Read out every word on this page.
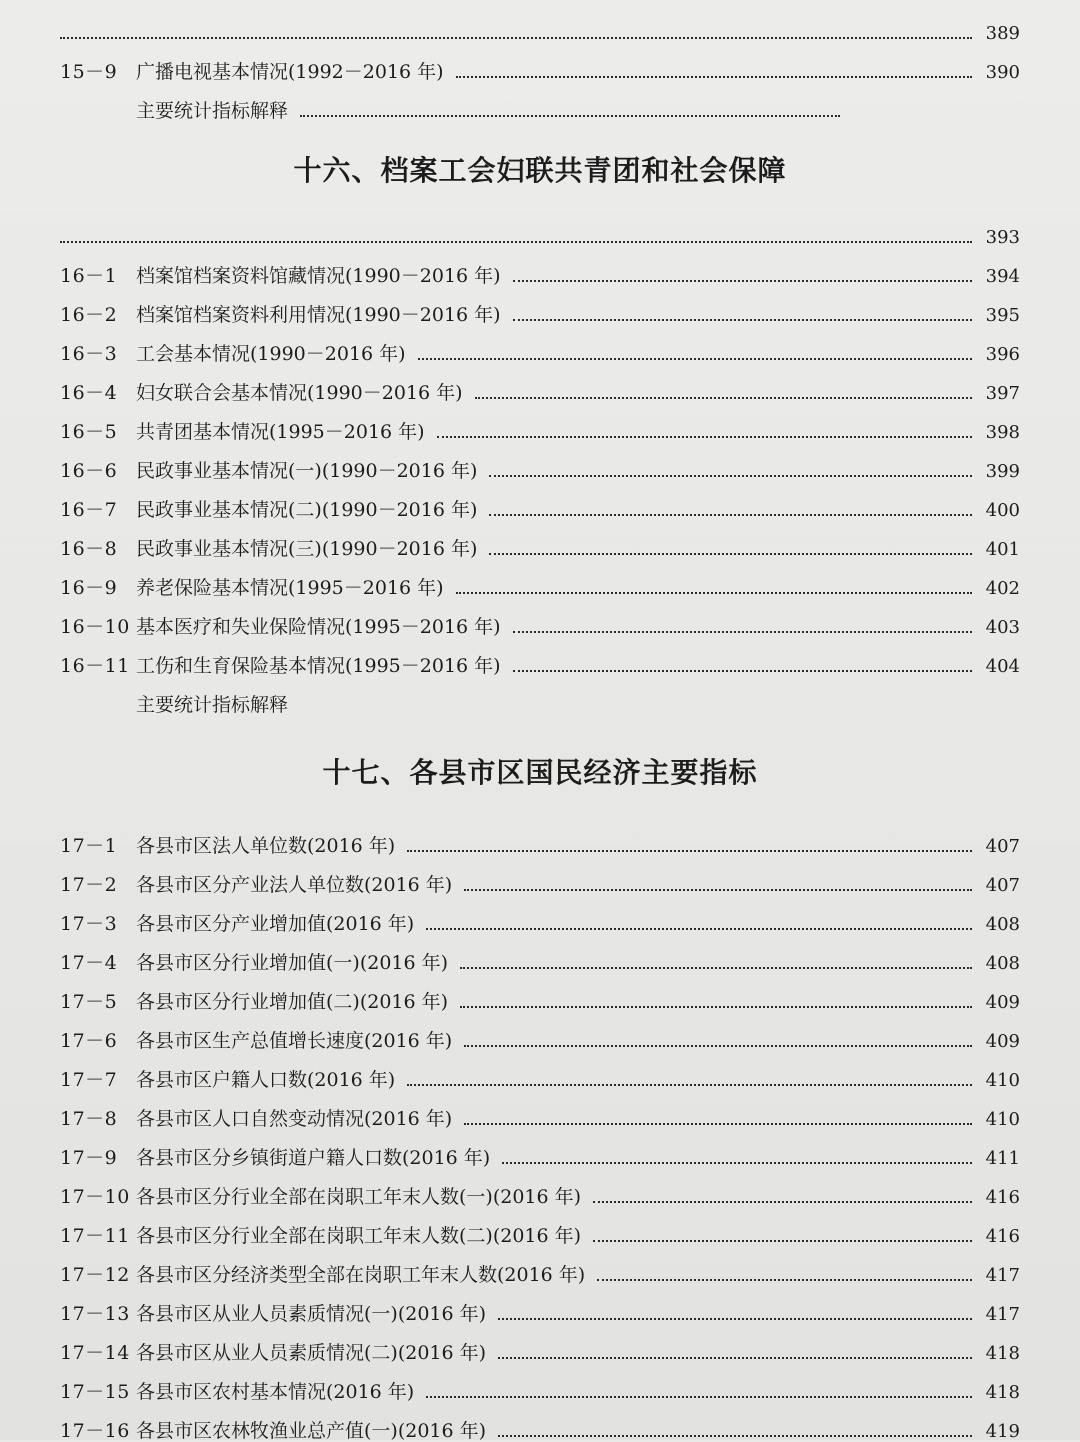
389
15－9 广播电视基本情况(1992－2016 年)	390
主要统计指标解释
十六、档案工会妇联共青团和社会保障
393
16－1 档案馆档案资料馆藏情况(1990－2016 年)	394
16－2 档案馆档案资料利用情况(1990－2016 年)	395
16－3 工会基本情况(1990－2016 年)	396
16－4 妇女联合会基本情况(1990－2016 年)	397
16－5 共青团基本情况(1995－2016 年)	398
16－6 民政事业基本情况(一)(1990－2016 年)	399
16－7 民政事业基本情况(二)(1990－2016 年)	400
16－8 民政事业基本情况(三)(1990－2016 年)	401
16－9 养老保险基本情况(1995－2016 年)	402
16－10 基本医疗和失业保险情况(1995－2016 年)	403
16－11 工伤和生育保险基本情况(1995－2016 年)	404
主要统计指标解释
十七、各县市区国民经济主要指标
17－1 各县市区法人单位数(2016 年)	407
17－2 各县市区分产业法人单位数(2016 年)	407
17－3 各县市区分产业增加值(2016 年)	408
17－4 各县市区分行业增加值(一)(2016 年)	408
17－5 各县市区分行业增加值(二)(2016 年)	409
17－6 各县市区生产总值增长速度(2016 年)	409
17－7 各县市区户籍人口数(2016 年)	410
17－8 各县市区人口自然变动情况(2016 年)	410
17－9 各县市区分乡镇街道户籍人口数(2016 年)	411
17－10 各县市区分行业全部在岗职工年末人数(一)(2016 年)	416
17－11 各县市区分行业全部在岗职工年末人数(二)(2016 年)	416
17－12 各县市区分经济类型全部在岗职工年末人数(2016 年)	417
17－13 各县市区从业人员素质情况(一)(2016 年)	417
17－14 各县市区从业人员素质情况(二)(2016 年)	418
17－15 各县市区农村基本情况(2016 年)	418
17－16 各县市区农林牧渔业总产值(一)(2016 年)	419
